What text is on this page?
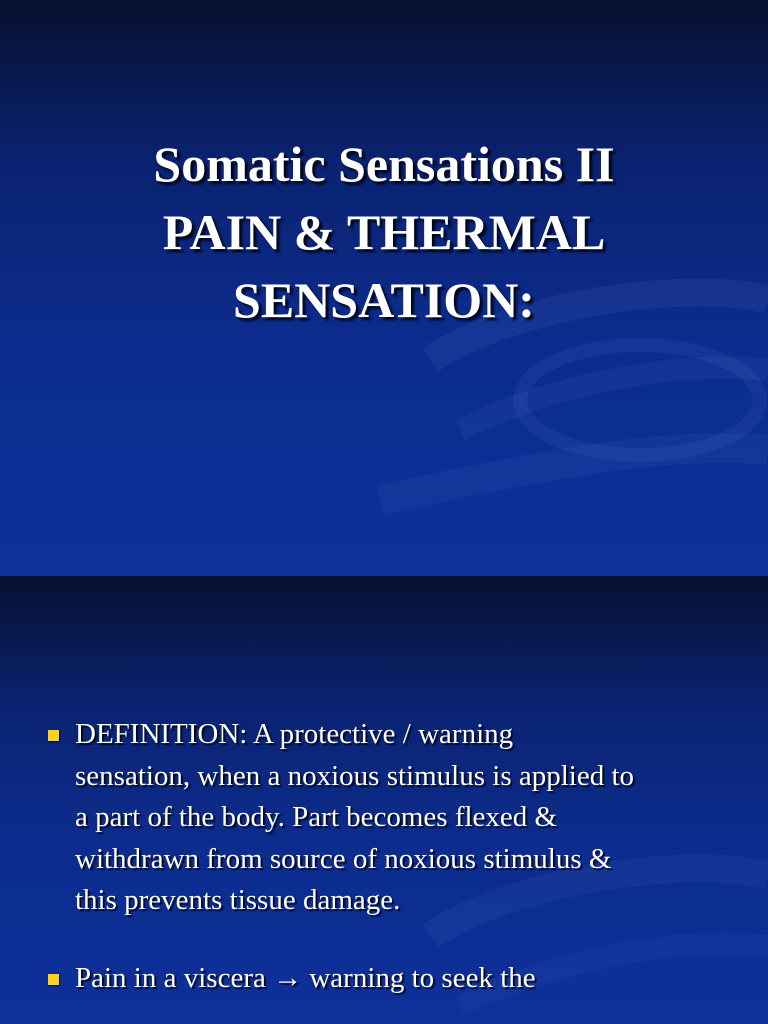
Somatic Sensations II
PAIN & THERMAL
SENSATION:
DEFINITION: A protective / warning
sensation, when a noxious stimulus is applied to
a part of the body. Part becomes flexed &
withdrawn from source of noxious stimulus &
this prevents tissue damage.
Pain in a viscera → warning to seek the
